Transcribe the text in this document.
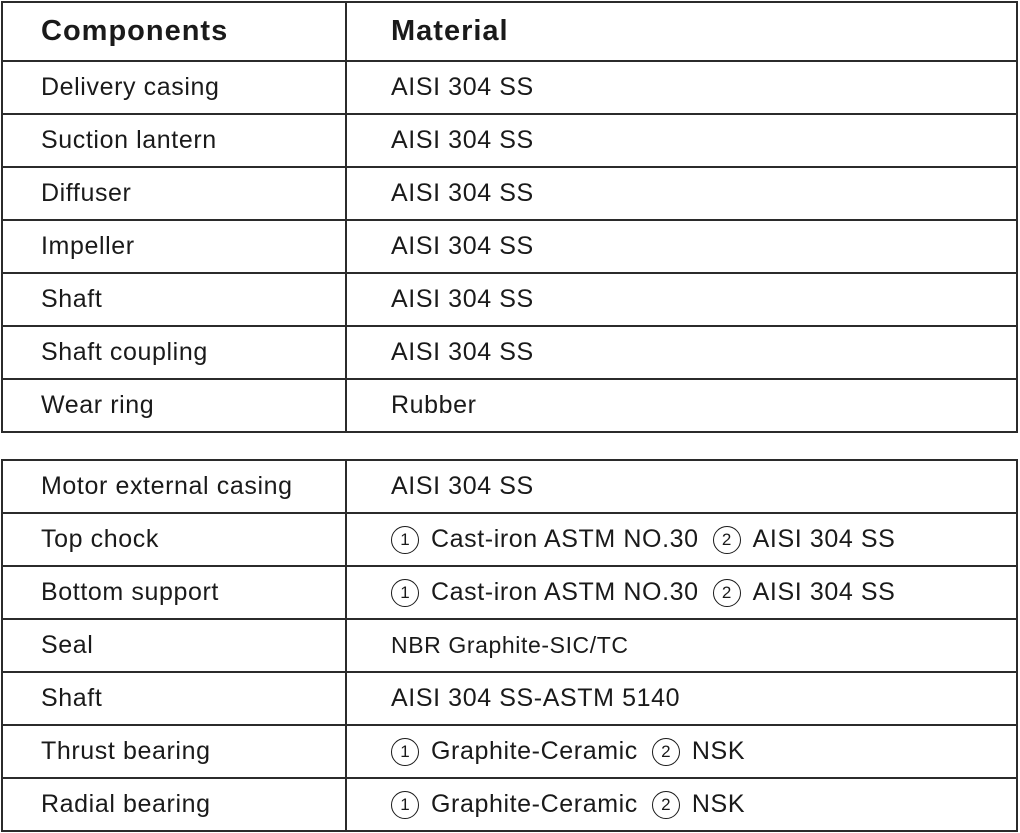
Components	Material
Delivery casing	AISI 304 SS
Suction lantern	AISI 304 SS
Diffuser	AISI 304 SS
Impeller	AISI 304 SS
Shaft	AISI 304 SS
Shaft coupling	AISI 304 SS
Wear ring	Rubber
Motor external casing	AISI 304 SS
Top chock	1 Cast-iron ASTM NO.30 2 AISI 304 SS
Bottom support	1 Cast-iron ASTM NO.30 2 AISI 304 SS
Seal	NBR Graphite-SIC/TC
Shaft	AISI 304 SS-ASTM 5140
Thrust bearing	1 Graphite-Ceramic 2 NSK
Radial bearing	1 Graphite-Ceramic 2 NSK
